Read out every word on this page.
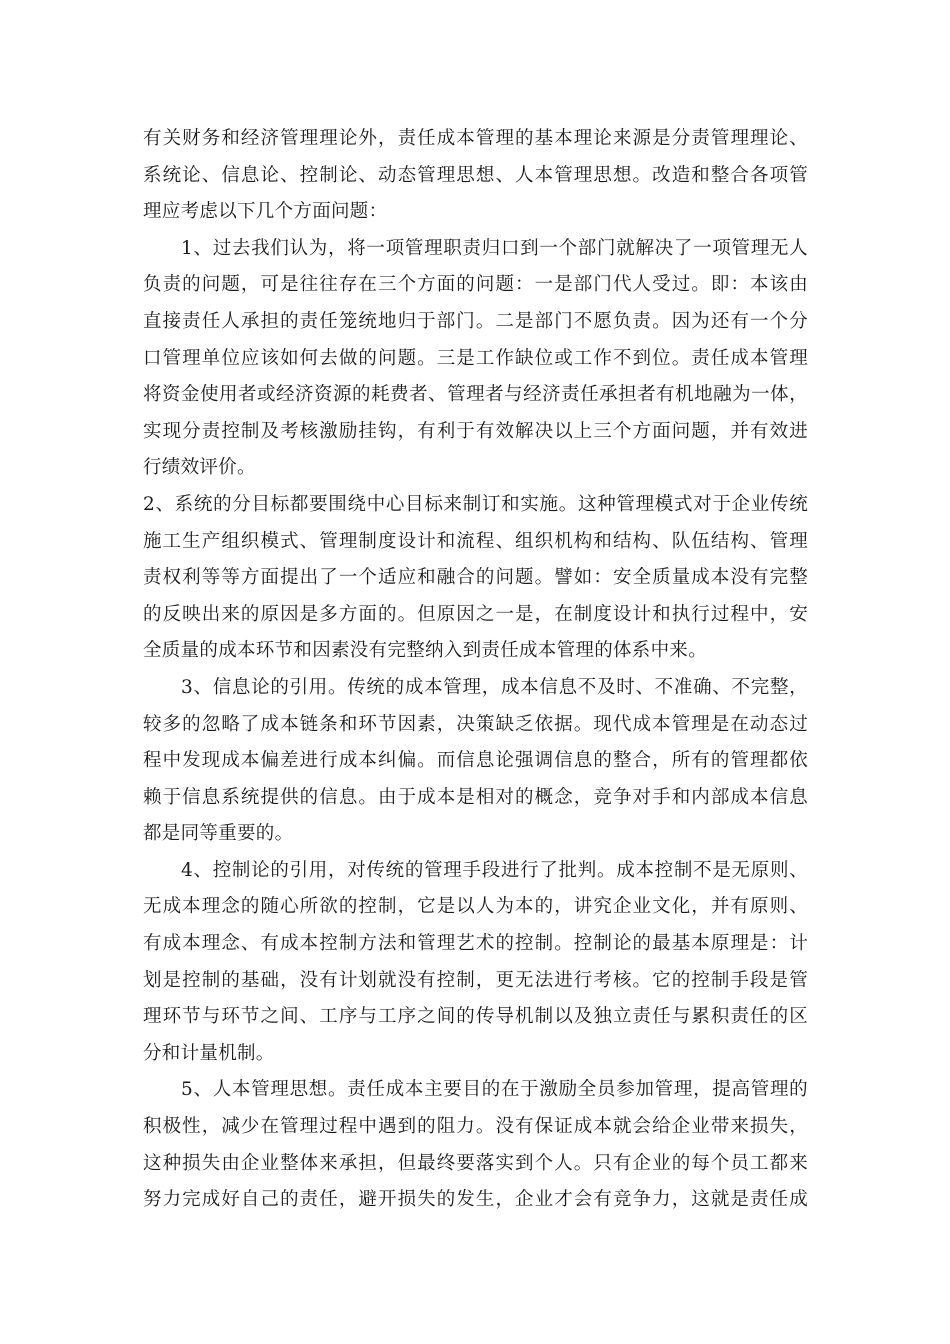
有关财务和经济管理理论外，责任成本管理的基本理论来源是分责管理理论、
系统论、信息论、控制论、动态管理思想、人本管理思想。改造和整合各项管
理应考虑以下几个方面问题：
1、过去我们认为，将一项管理职责归口到一个部门就解决了一项管理无人
负责的问题，可是往往存在三个方面的问题：一是部门代人受过。即：本该由
直接责任人承担的责任笼统地归于部门。二是部门不愿负责。因为还有一个分
口管理单位应该如何去做的问题。三是工作缺位或工作不到位。责任成本管理
将资金使用者或经济资源的耗费者、管理者与经济责任承担者有机地融为一体，
实现分责控制及考核激励挂钩，有利于有效解决以上三个方面问题，并有效进
行绩效评价。
2、系统的分目标都要围绕中心目标来制订和实施。这种管理模式对于企业传统
施工生产组织模式、管理制度设计和流程、组织机构和结构、队伍结构、管理
责权利等等方面提出了一个适应和融合的问题。譬如：安全质量成本没有完整
的反映出来的原因是多方面的。但原因之一是，在制度设计和执行过程中，安
全质量的成本环节和因素没有完整纳入到责任成本管理的体系中来。
3、信息论的引用。传统的成本管理，成本信息不及时、不准确、不完整，
较多的忽略了成本链条和环节因素，决策缺乏依据。现代成本管理是在动态过
程中发现成本偏差进行成本纠偏。而信息论强调信息的整合，所有的管理都依
赖于信息系统提供的信息。由于成本是相对的概念，竞争对手和内部成本信息
都是同等重要的。
4、控制论的引用，对传统的管理手段进行了批判。成本控制不是无原则、
无成本理念的随心所欲的控制，它是以人为本的，讲究企业文化，并有原则、
有成本理念、有成本控制方法和管理艺术的控制。控制论的最基本原理是：计
划是控制的基础，没有计划就没有控制，更无法进行考核。它的控制手段是管
理环节与环节之间、工序与工序之间的传导机制以及独立责任与累积责任的区
分和计量机制。
5、人本管理思想。责任成本主要目的在于激励全员参加管理，提高管理的
积极性，减少在管理过程中遇到的阻力。没有保证成本就会给企业带来损失，
这种损失由企业整体来承担，但最终要落实到个人。只有企业的每个员工都来
努力完成好自己的责任，避开损失的发生，企业才会有竞争力，这就是责任成
